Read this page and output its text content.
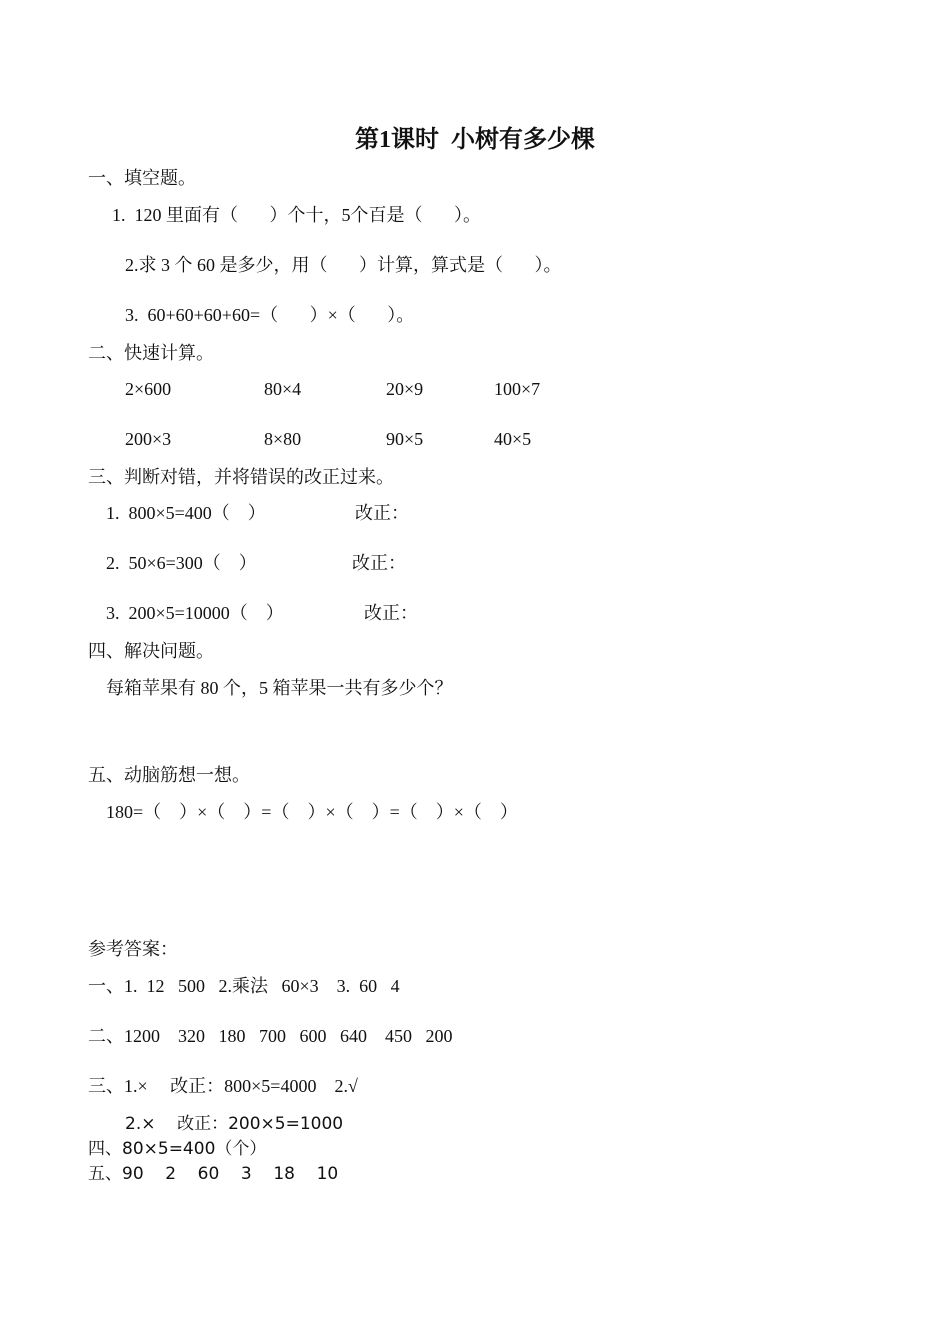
第1课时  小树有多少棵
一、填空题。
1.  120 里面有（       ）个十，5个百是（       ）。
2.求 3 个 60 是多少，用（       ）计算，算式是（       ）。
3.  60+60+60+60=（       ）×（       ）。
二、快速计算。
2×600	80×4	20×9	100×7
200×3	8×80	90×5	40×5
三、判断对错，并将错误的改正过来。
1.  800×5=400（    ）	改正：
2.  50×6=300（    ）	改正：
3.  200×5=10000（    ）	改正：
四、解决问题。
每箱苹果有 80 个，5 箱苹果一共有多少个？
五、动脑筋想一想。
180=（    ）×（    ）=（    ）×（    ）=（    ）×（    ）
参考答案：
一、1.  12   500   2.乘法   60×3    3.  60   4
二、1200    320   180   700   600   640    450   200
三、1.×     改正：800×5=4000    2.√
2.×    改正：200×5=1000
四、80×5=400（个）
五、90    2    60    3    18    10
